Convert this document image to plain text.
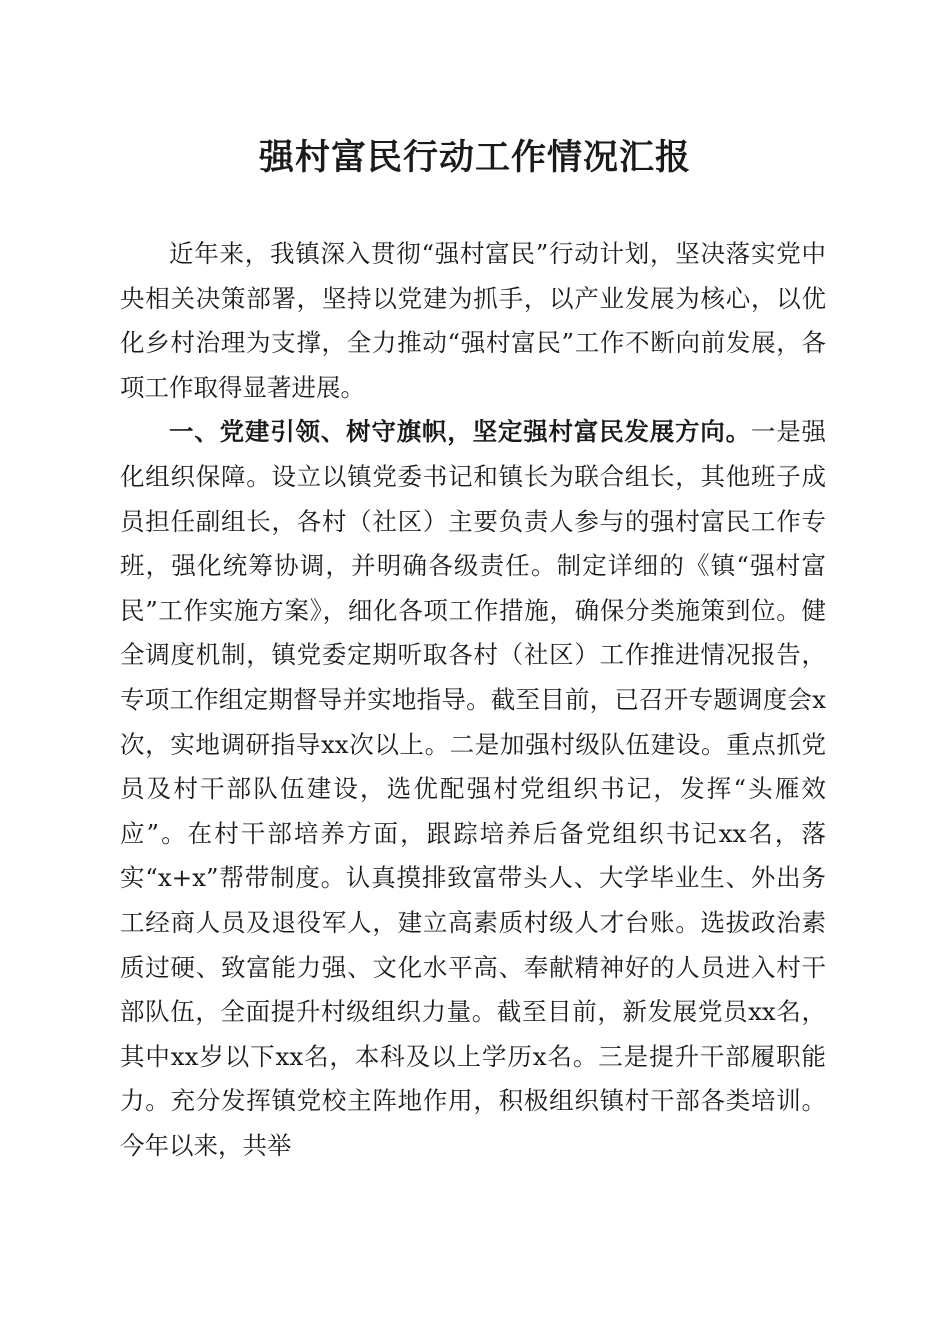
强村富民行动工作情况汇报

近年来，我镇深入贯彻“强村富民”行动计划，坚决落实党中央相关决策部署，坚持以党建为抓手，以产业发展为核心，以优化乡村治理为支撑，全力推动“强村富民”工作不断向前发展，各项工作取得显著进展。

一、党建引领、树守旗帜，坚定强村富民发展方向。一是强化组织保障。设立以镇党委书记和镇长为联合组长，其他班子成员担任副组长，各村（社区）主要负责人参与的强村富民工作专班，强化统筹协调，并明确各级责任。制定详细的《镇“强村富民”工作实施方案》，细化各项工作措施，确保分类施策到位。健全调度机制，镇党委定期听取各村（社区）工作推进情况报告，专项工作组定期督导并实地指导。截至目前，已召开专题调度会x次，实地调研指导xx次以上。二是加强村级队伍建设。重点抓党员及村干部队伍建设，选优配强村党组织书记，发挥“头雁效应”。在村干部培养方面，跟踪培养后备党组织书记xx名，落实“x+x”帮带制度。认真摸排致富带头人、大学毕业生、外出务工经商人员及退役军人，建立高素质村级人才台账。选拔政治素质过硬、致富能力强、文化水平高、奉献精神好的人员进入村干部队伍，全面提升村级组织力量。截至目前，新发展党员xx名，其中xx岁以下xx名，本科及以上学历x名。三是提升干部履职能力。充分发挥镇党校主阵地作用，积极组织镇村干部各类培训。今年以来，共举
